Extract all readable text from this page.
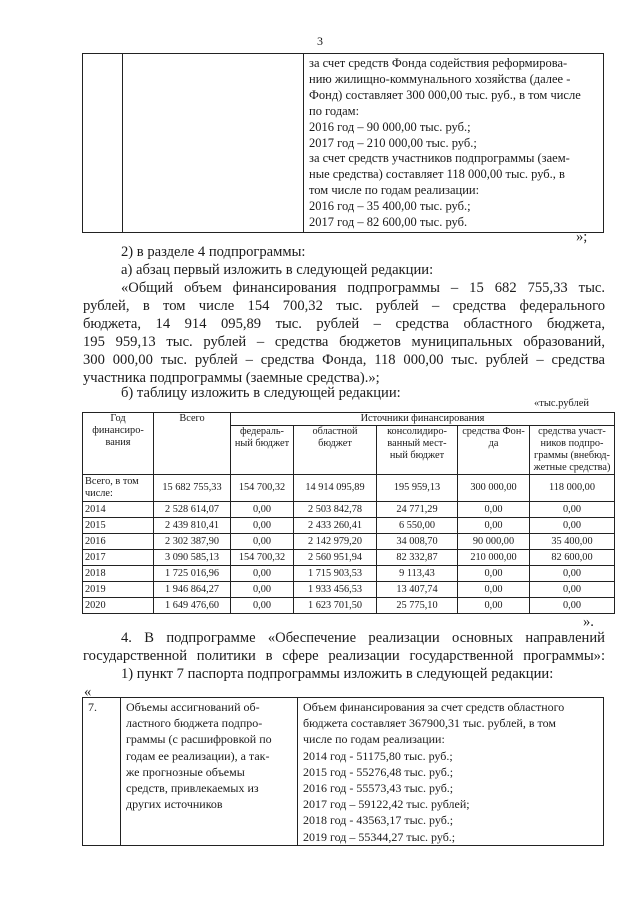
3

за счет средств Фонда содействия реформирова-
нию жилищно-коммунального хозяйства (далее -
Фонд) составляет 300 000,00 тыс. руб., в том числе
по годам:
2016 год – 90 000,00 тыс. руб.;
2017 год – 210 000,00 тыс. руб.;
за счет средств участников подпрограммы (заем-
ные средства) составляет 118 000,00 тыс. руб., в
том числе по годам реализации:
2016 год – 35 400,00 тыс. руб.;
2017 год – 82 600,00 тыс. руб.
»;
2) в разделе 4 подпрограммы:
а) абзац первый изложить в следующей редакции:
«Общий объем финансирования подпрограммы – 15 682 755,33 тыс.
рублей, в том числе 154 700,32 тыс. рублей – средства федерального
бюджета, 14 914 095,89 тыс. рублей – средства областного бюджета,
195 959,13 тыс. рублей – средства бюджетов муниципальных образований,
300 000,00 тыс. рублей – средства Фонда, 118 000,00 тыс. рублей – средства
участника подпрограммы (заемные средства).»;
б) таблицу изложить в следующей редакции:
«тыс.рублей
Год финансиро-вания	Всего	Источники финансирования				
		федераль-ный бюджет	областной бюджет	консолидиро-ванный мест-ный бюджет	средства Фон-да	средства участ-ников подпро-граммы (внебюд-жетные средства)
Всего, в том числе:	15 682 755,33	154 700,32	14 914 095,89	195 959,13	300 000,00	118 000,00
2014	2 528 614,07	0,00	2 503 842,78	24 771,29	0,00	0,00
2015	2 439 810,41	0,00	2 433 260,41	6 550,00	0,00	0,00
2016	2 302 387,90	0,00	2 142 979,20	34 008,70	90 000,00	35 400,00
2017	3 090 585,13	154 700,32	2 560 951,94	82 332,87	210 000,00	82 600,00
2018	1 725 016,96	0,00	1 715 903,53	9 113,43	0,00	0,00
2019	1 946 864,27	0,00	1 933 456,53	13 407,74	0,00	0,00
2020	1 649 476,60	0,00	1 623 701,50	25 775,10	0,00	0,00
».
4. В подпрограмме «Обеспечение реализации основных направлений
государственной политики в сфере реализации государственной программы»:
1) пункт 7 паспорта подпрограммы изложить в следующей редакции:
«
7.	Объемы ассигнований об-
ластного бюджета подпро-
граммы (с расшифровкой по
годам ее реализации), а так-
же прогнозные объемы
средств, привлекаемых из
других источников

Объем финансирования за счет средств областного
бюджета составляет 367900,31 тыс. рублей, в том
числе по годам реализации:
2014 год - 51175,80 тыс. руб.;
2015 год - 55276,48 тыс. руб.;
2016 год - 55573,43 тыс. руб.;
2017 год – 59122,42 тыс. рублей;
2018 год - 43563,17 тыс. руб.;
2019 год – 55344,27 тыс. руб.;
